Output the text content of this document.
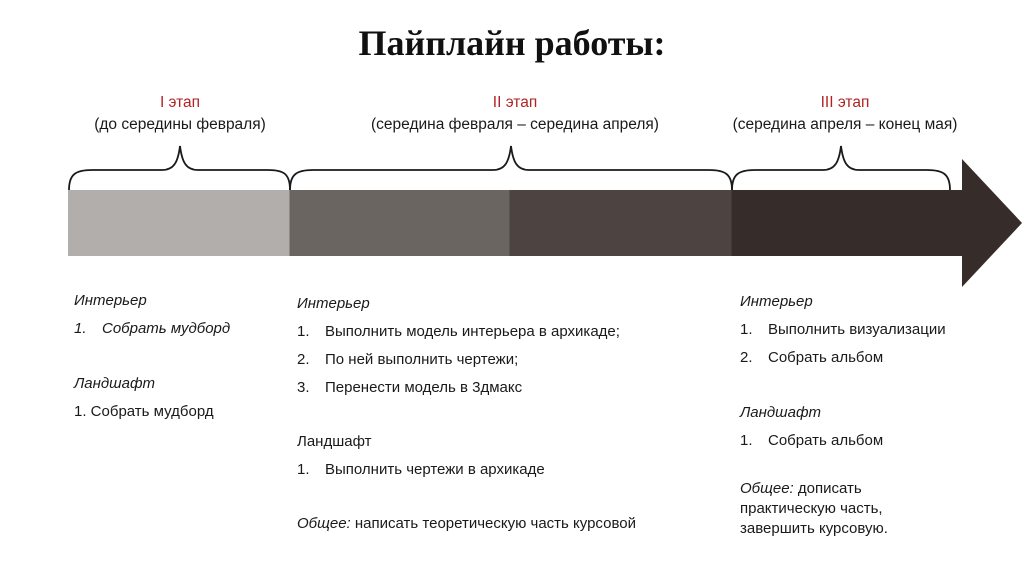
Пайплайн работы:
I этап
(до середины февраля)
II этап
(середина февраля – середина апреля)
III этап
(середина апреля – конец мая)
Интерьер
1.	Собрать мудборд
Ландшафт
1. Собрать мудборд
Интерьер
1.	Выполнить модель интерьера в архикаде;
2.	По ней выполнить чертежи;
3.	Перенести модель в 3дмакс
Ландшафт
1.	Выполнить чертежи в архикаде
Общее: написать теоретическую часть курсовой
Интерьер
1.	Выполнить визуализации
2.	Собрать альбом
Ландшафт
1.	Собрать альбом
Общее: дописать практическую часть, завершить курсовую.
